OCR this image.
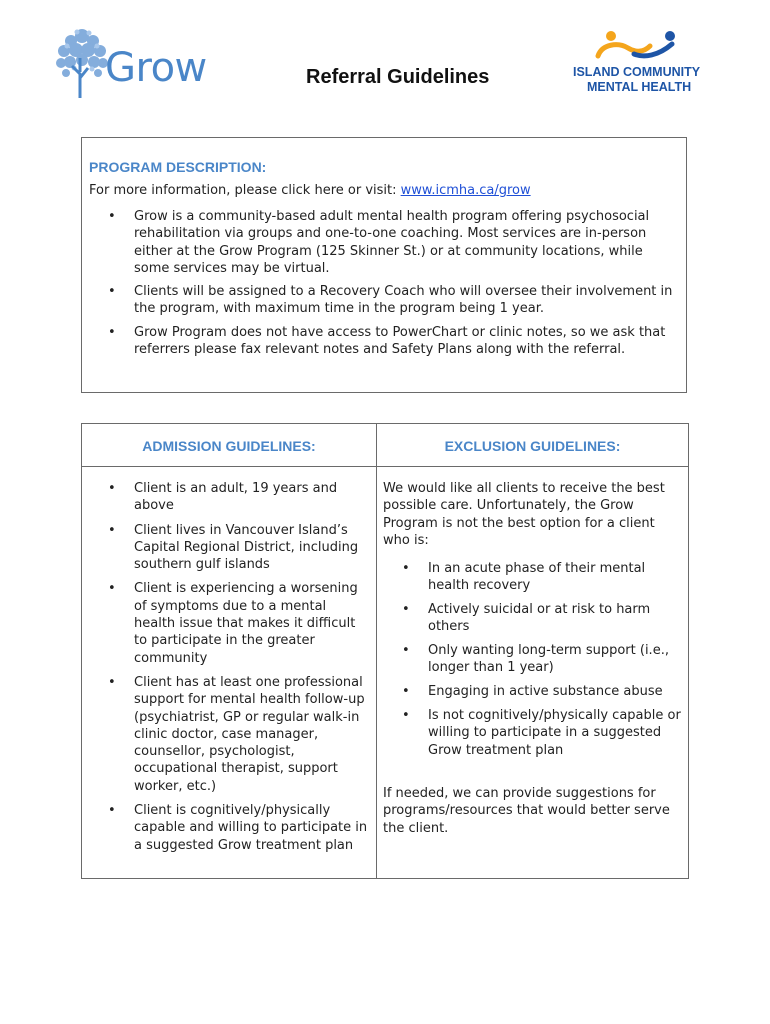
Grow	Referral Guidelines	ISLAND COMMUNITY
MENTAL HEALTH
PROGRAM DESCRIPTION:
For more information, please click here or visit: www.icmha.ca/grow
• Grow is a community-based adult mental health program offering psychosocial rehabilitation via groups and one-to-one coaching. Most services are in-person either at the Grow Program (125 Skinner St.) or at community locations, while some services may be virtual.
• Clients will be assigned to a Recovery Coach who will oversee their involvement in the program, with maximum time in the program being 1 year.
• Grow Program does not have access to PowerChart or clinic notes, so we ask that referrers please fax relevant notes and Safety Plans along with the referral.
ADMISSION GUIDELINES:	EXCLUSION GUIDELINES:
• Client is an adult, 19 years and above
• Client lives in Vancouver Island’s Capital Regional District, including southern gulf islands
• Client is experiencing a worsening of symptoms due to a mental health issue that makes it difficult to participate in the greater community
• Client has at least one professional support for mental health follow-up (psychiatrist, GP or regular walk-in clinic doctor, case manager, counsellor, psychologist, occupational therapist, support worker, etc.)
• Client is cognitively/physically capable and willing to participate in a suggested Grow treatment plan
We would like all clients to receive the best possible care. Unfortunately, the Grow Program is not the best option for a client who is:
• In an acute phase of their mental health recovery
• Actively suicidal or at risk to harm others
• Only wanting long-term support (i.e., longer than 1 year)
• Engaging in active substance abuse
• Is not cognitively/physically capable or willing to participate in a suggested Grow treatment plan
If needed, we can provide suggestions for programs/resources that would better serve the client.
